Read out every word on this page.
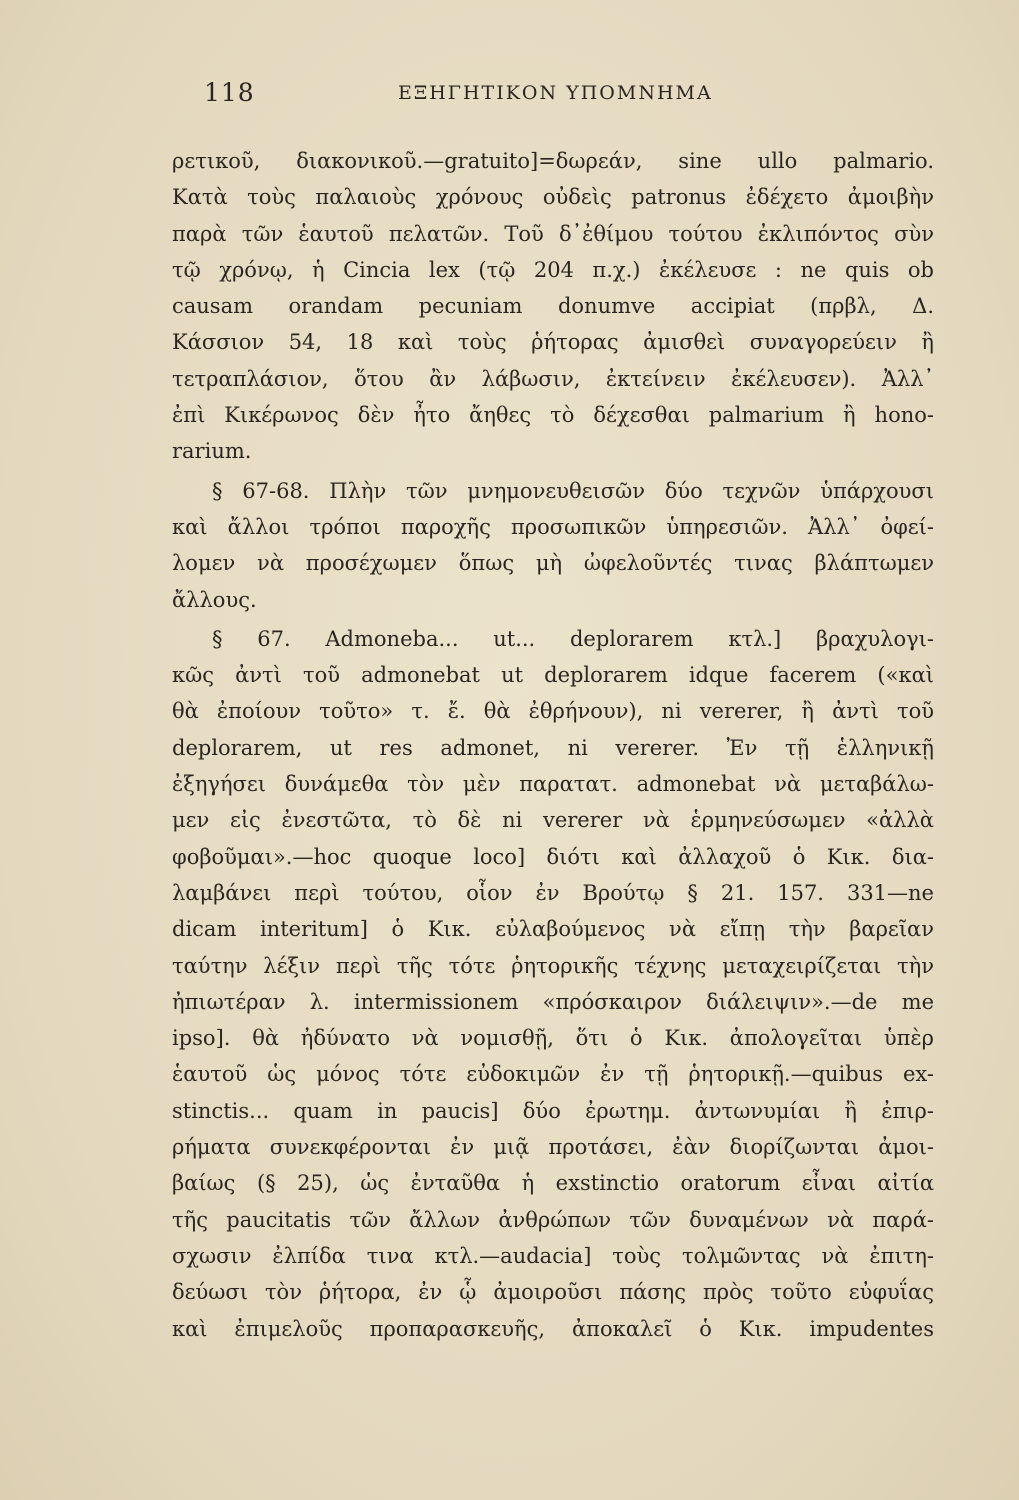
118	ΕΞΗΓΗΤΙΚΟΝ ΥΠΟΜΝΗΜΑ
ρετικοῦ, διακονικοῦ.—gratuito]=δωρεάν, sine ullo palmario.
Κατὰ τοὺς παλαιοὺς χρόνους οὐδεὶς patronus ἐδέχετο ἀμοιβὴν
παρὰ τῶν ἑαυτοῦ πελατῶν. Τοῦ δ᾽ἐθίμου τούτου ἐκλιπόντος σὺν
τῷ χρόνῳ, ἡ Cincia lex (τῷ 204 π.χ.) ἐκέλευσε : ne quis ob
causam orandam pecuniam donumve accipiat (πρβλ, Δ.
Κάσσιον 54, 18 καὶ τοὺς ῥήτορας ἀμισθεὶ συναγορεύειν ἢ
τετραπλάσιον, ὅτου ἂν λάβωσιν, ἐκτείνειν ἐκέλευσεν). Ἀλλ᾽
ἐπὶ Κικέρωνος δὲν ἦτο ἄηθες τὸ δέχεσθαι palmarium ἢ hono-
rarium.
§ 67-68. Πλὴν τῶν μνημονευθεισῶν δύο τεχνῶν ὑπάρχουσι
καὶ ἄλλοι τρόποι παροχῆς προσωπικῶν ὑπηρεσιῶν. Ἀλλ᾽ ὀφεί-
λομεν νὰ προσέχωμεν ὅπως μὴ ὠφελοῦντές τινας βλάπτωμεν
ἄλλους.
§ 67. Admoneba... ut... deplorarem κτλ.] βραχυλογι-
κῶς ἀντὶ τοῦ admonebat ut deplorarem idque facerem («καὶ
θὰ ἐποίουν τοῦτο» τ. ἔ. θὰ ἐθρήνουν), ni vererer, ἢ ἀντὶ τοῦ
deplorarem, ut res admonet, ni vererer. Ἐν τῇ ἑλληνικῇ
ἐξηγήσει δυνάμεθα τὸν μὲν παρατατ. admonebat νὰ μεταβάλω-
μεν εἰς ἐνεστῶτα, τὸ δὲ ni vererer νὰ ἑρμηνεύσωμεν «ἀλλὰ
φοβοῦμαι».—hoc quoque loco] διότι καὶ ἀλλαχοῦ ὁ Κικ. δια-
λαμβάνει περὶ τούτου, οἷον ἐν Βρούτῳ § 21. 157. 331—ne
dicam interitum] ὁ Κικ. εὐλαβούμενος νὰ εἴπῃ τὴν βαρεῖαν
ταύτην λέξιν περὶ τῆς τότε ῥητορικῆς τέχνης μεταχειρίζεται τὴν
ἠπιωτέραν λ. intermissionem «πρόσκαιρον διάλειψιν».—de me
ipso]. θὰ ἠδύνατο νὰ νομισθῇ, ὅτι ὁ Κικ. ἀπολογεῖται ὑπὲρ
ἑαυτοῦ ὡς μόνος τότε εὐδοκιμῶν ἐν τῇ ῥητορικῇ.—quibus ex-
stinctis... quam in paucis] δύο ἐρωτημ. ἀντωνυμίαι ἢ ἐπιρ-
ρήματα συνεκφέρονται ἐν μιᾷ προτάσει, ἐὰν διορίζωνται ἀμοι-
βαίως (§ 25), ὡς ἐνταῦθα ἡ exstinctio oratorum εἶναι αἰτία
τῆς paucitatis τῶν ἄλλων ἀνθρώπων τῶν δυναμένων νὰ παρά-
σχωσιν ἐλπίδα τινα κτλ.—audacia] τοὺς τολμῶντας νὰ ἐπιτη-
δεύωσι τὸν ῥήτορα, ἐν ᾧ ἀμοιροῦσι πάσης πρὸς τοῦτο εὐφυΐας
καὶ ἐπιμελοῦς προπαρασκευῆς, ἀποκαλεῖ ὁ Κικ. impudentes
